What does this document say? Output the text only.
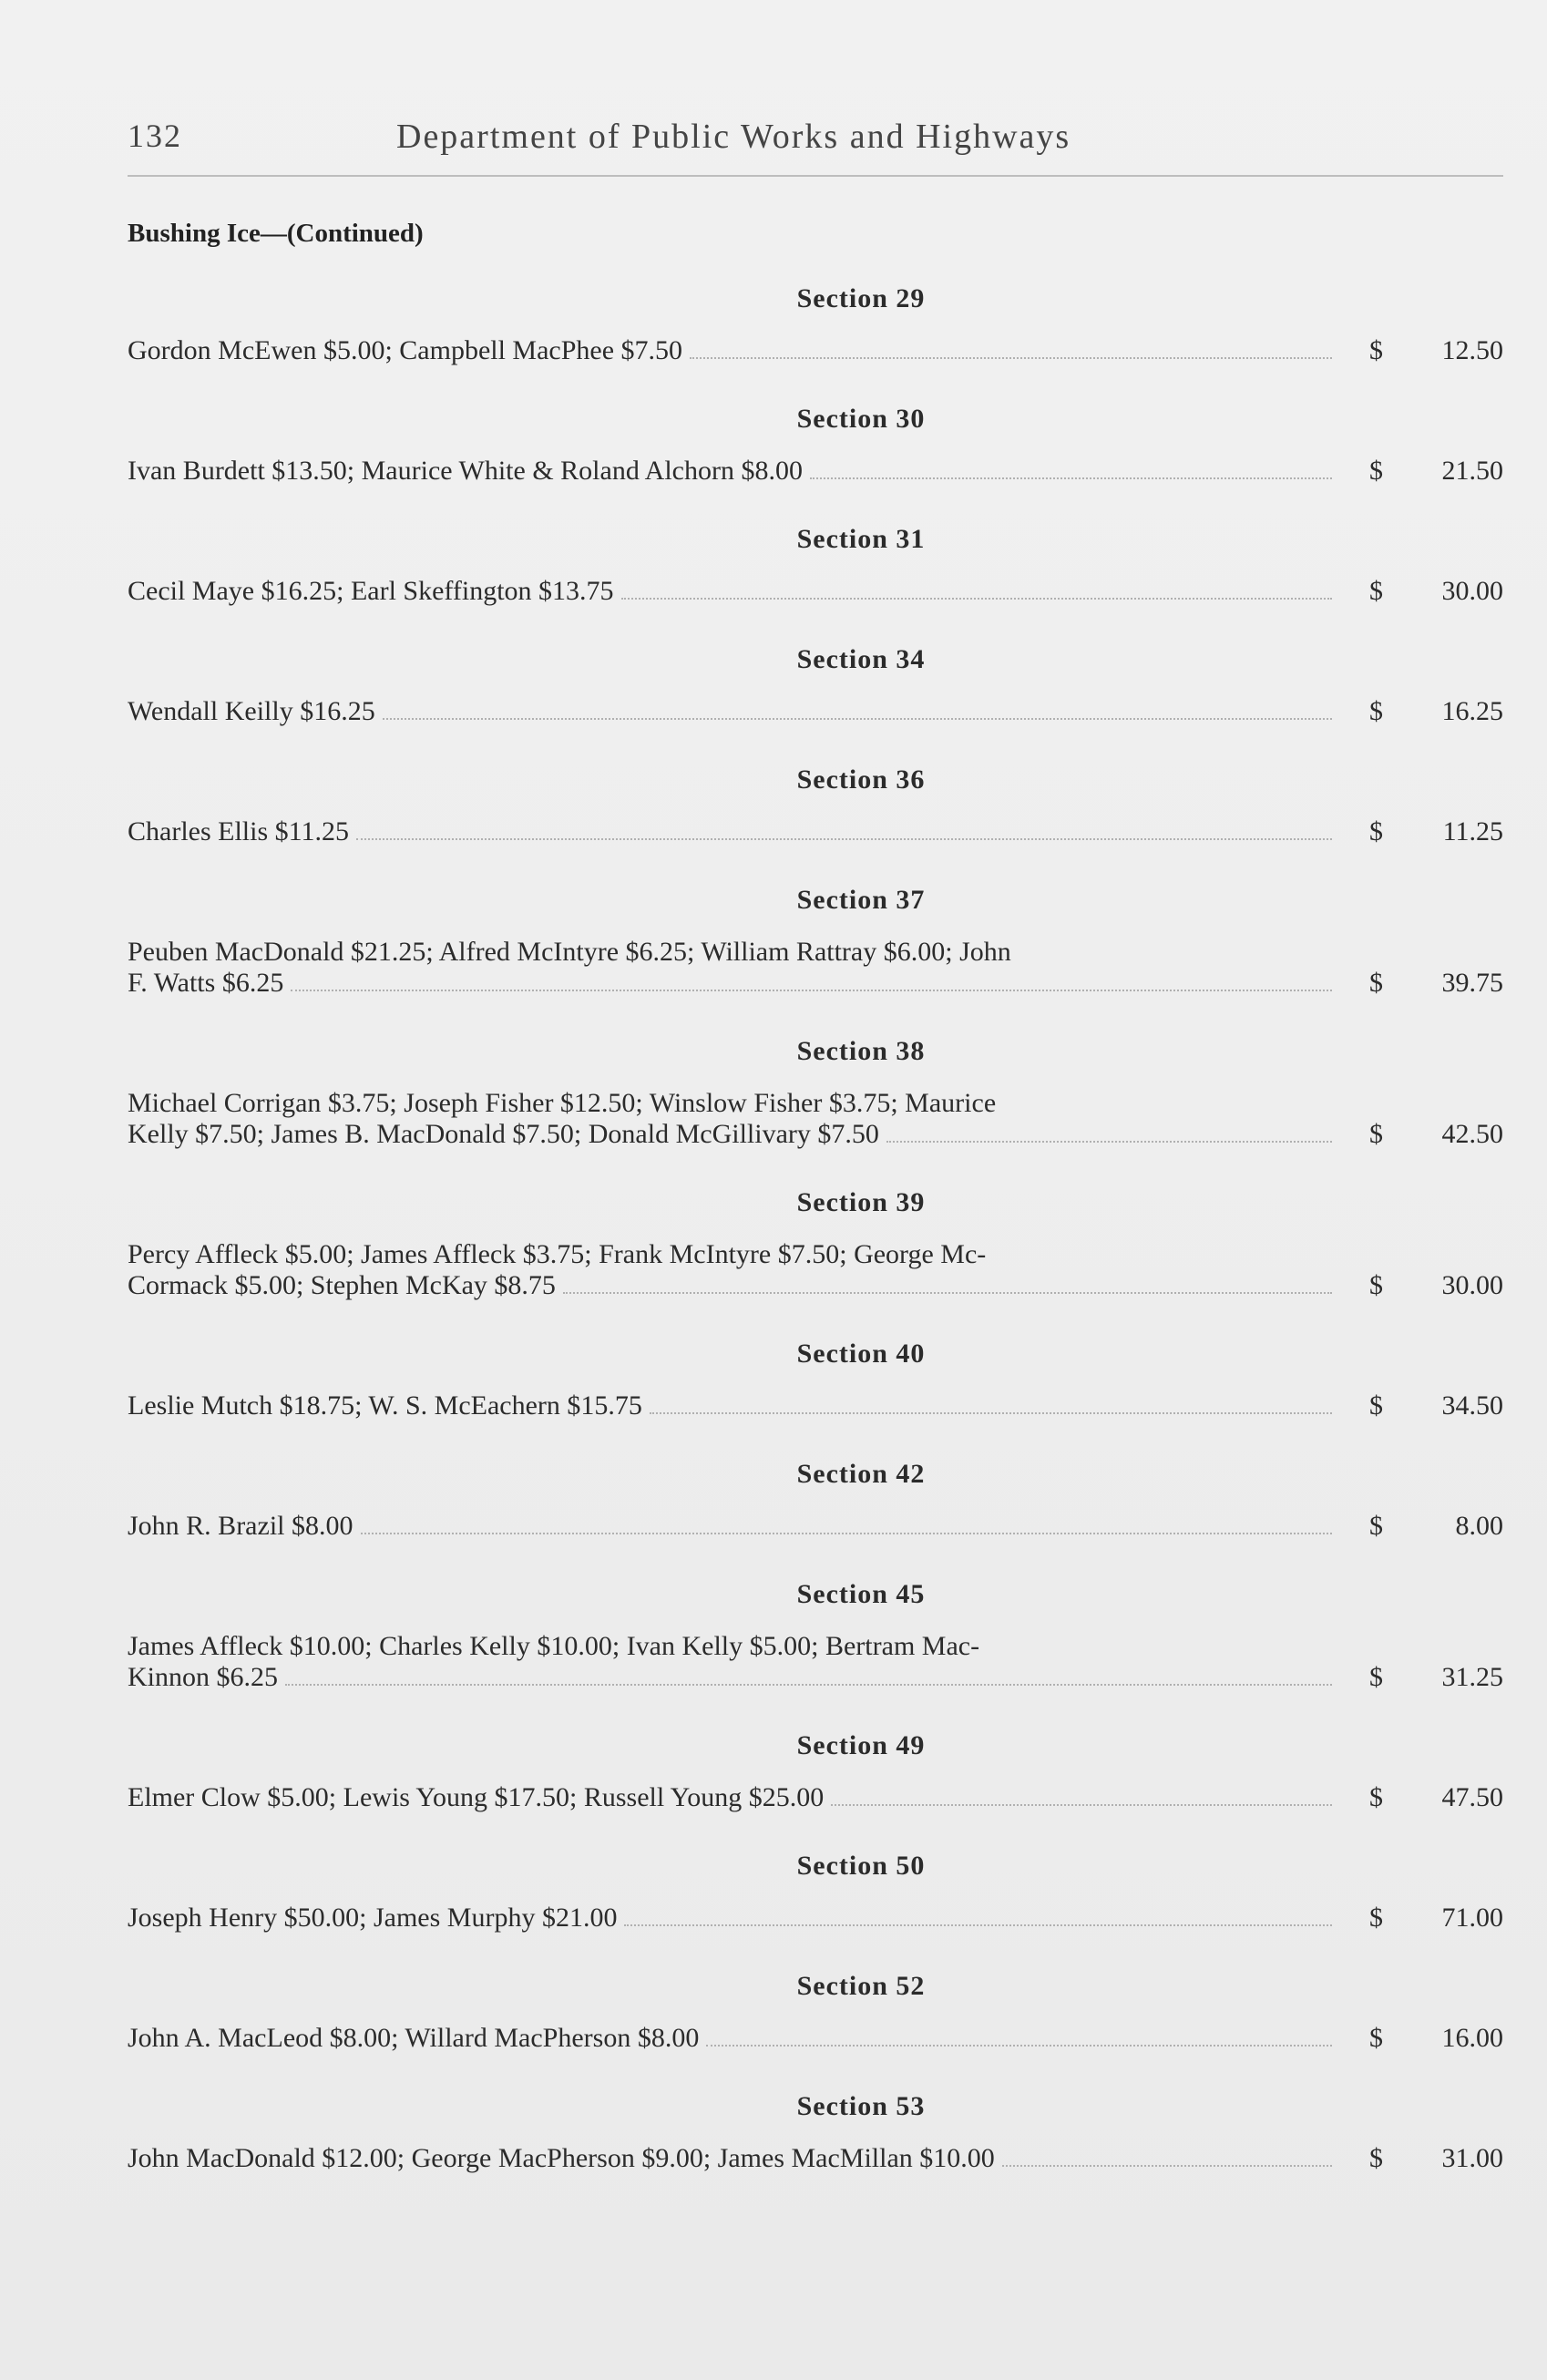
132	Department of Public Works and Highways
Bushing Ice—(Continued)
Section 29
Gordon McEwen $5.00; Campbell MacPhee $7.50	$	12.50
Section 30
Ivan Burdett $13.50; Maurice White & Roland Alchorn $8.00	$	21.50
Section 31
Cecil Maye $16.25; Earl Skeffington $13.75	$	30.00
Section 34
Wendall Keilly $16.25	$	16.25
Section 36
Charles Ellis $11.25	$	11.25
Section 37
Peuben MacDonald $21.25; Alfred McIntyre $6.25; William Rattray $6.00; John
F. Watts $6.25	$	39.75
Section 38
Michael Corrigan $3.75; Joseph Fisher $12.50; Winslow Fisher $3.75; Maurice
Kelly $7.50; James B. MacDonald $7.50; Donald McGillivary $7.50	$	42.50
Section 39
Percy Affleck $5.00; James Affleck $3.75; Frank McIntyre $7.50; George Mc-
Cormack $5.00; Stephen McKay $8.75	$	30.00
Section 40
Leslie Mutch $18.75; W. S. McEachern $15.75	$	34.50
Section 42
John R. Brazil $8.00	$	8.00
Section 45
James Affleck $10.00; Charles Kelly $10.00; Ivan Kelly $5.00; Bertram Mac-
Kinnon $6.25	$	31.25
Section 49
Elmer Clow $5.00; Lewis Young $17.50; Russell Young $25.00	$	47.50
Section 50
Joseph Henry $50.00; James Murphy $21.00	$	71.00
Section 52
John A. MacLeod $8.00; Willard MacPherson $8.00	$	16.00
Section 53
John MacDonald $12.00; George MacPherson $9.00; James MacMillan $10.00	$	31.00
